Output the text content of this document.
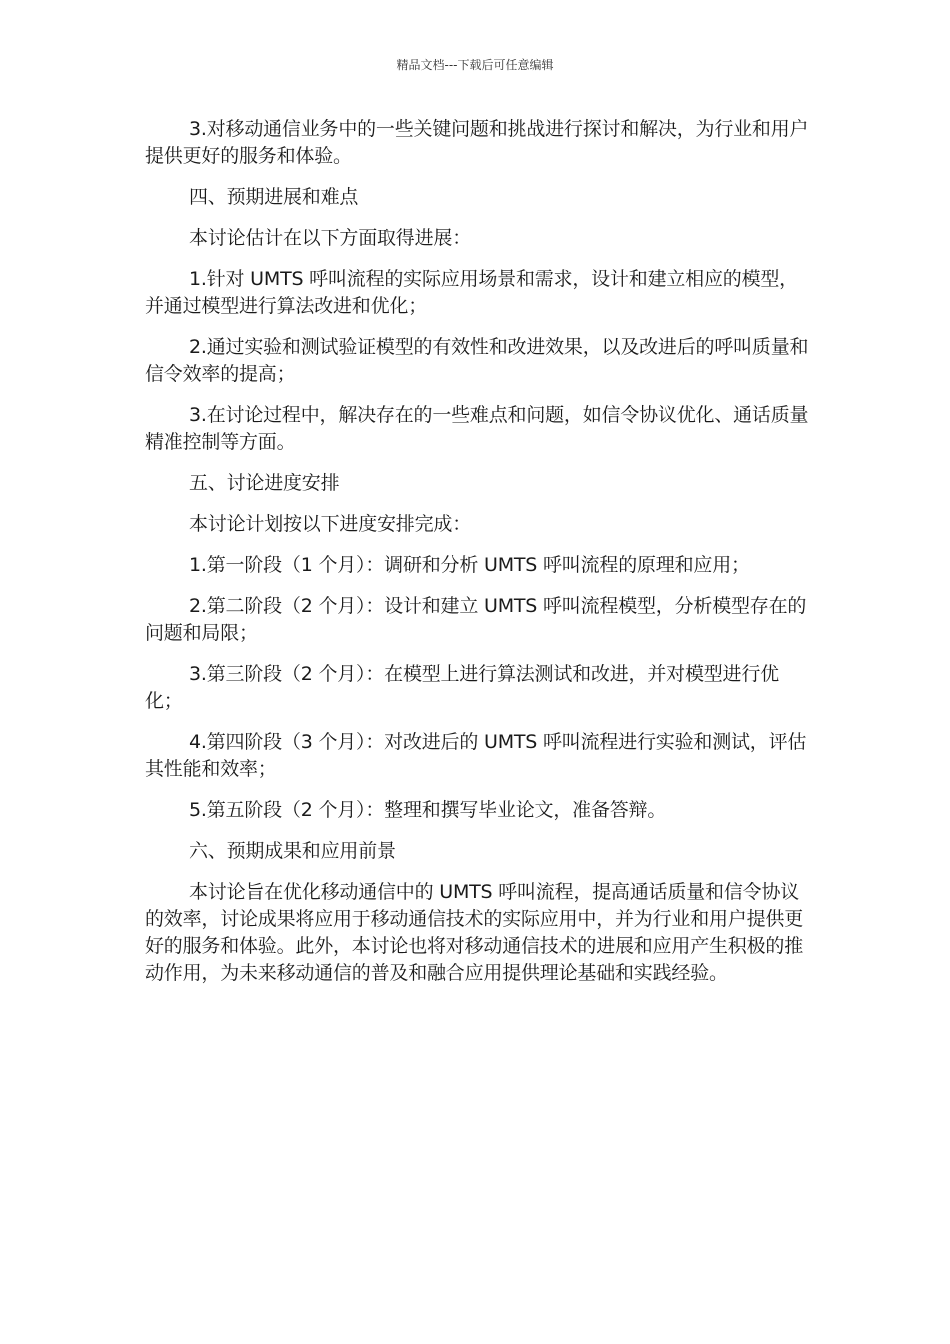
精品文档---下载后可任意编辑

3.对移动通信业务中的一些关键问题和挑战进行探讨和解决，为行业和用户提供更好的服务和体验。

四、预期进展和难点

本讨论估计在以下方面取得进展：

1.针对 UMTS 呼叫流程的实际应用场景和需求，设计和建立相应的模型，并通过模型进行算法改进和优化；

2.通过实验和测试验证模型的有效性和改进效果，以及改进后的呼叫质量和信令效率的提高；

3.在讨论过程中，解决存在的一些难点和问题，如信令协议优化、通话质量精准控制等方面。

五、讨论进度安排

本讨论计划按以下进度安排完成：

1.第一阶段（1 个月）：调研和分析 UMTS 呼叫流程的原理和应用；

2.第二阶段（2 个月）：设计和建立 UMTS 呼叫流程模型，分析模型存在的问题和局限；

3.第三阶段（2 个月）：在模型上进行算法测试和改进，并对模型进行优化；

4.第四阶段（3 个月）：对改进后的 UMTS 呼叫流程进行实验和测试，评估其性能和效率；

5.第五阶段（2 个月）：整理和撰写毕业论文，准备答辩。

六、预期成果和应用前景

本讨论旨在优化移动通信中的 UMTS 呼叫流程，提高通话质量和信令协议的效率，讨论成果将应用于移动通信技术的实际应用中，并为行业和用户提供更好的服务和体验。此外，本讨论也将对移动通信技术的进展和应用产生积极的推动作用，为未来移动通信的普及和融合应用提供理论基础和实践经验。
